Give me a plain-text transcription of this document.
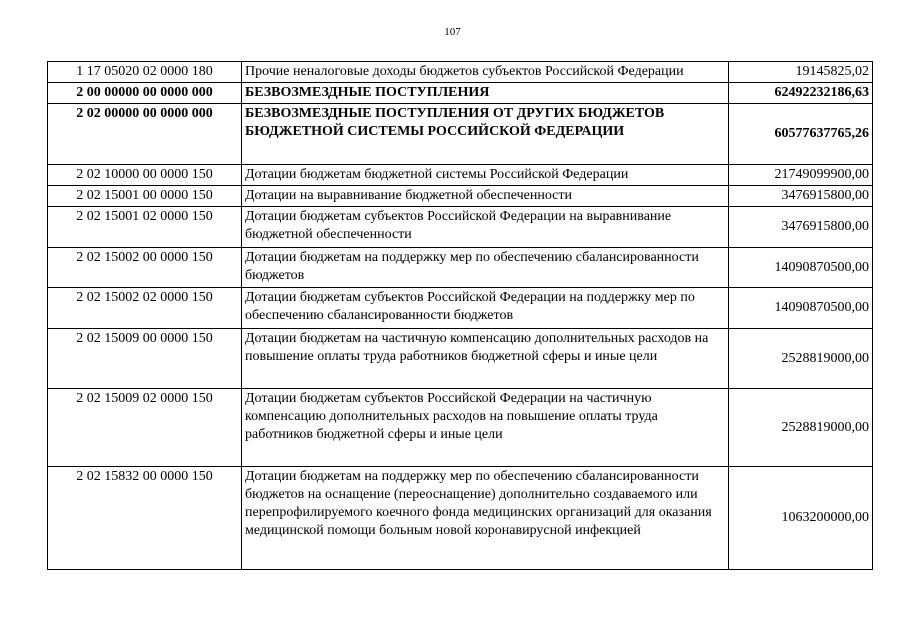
107
1 17 05020 02 0000 180	Прочие неналоговые доходы бюджетов субъектов Российской Федерации	19145825,02
2 00 00000 00 0000 000	БЕЗВОЗМЕЗДНЫЕ ПОСТУПЛЕНИЯ	62492232186,63
2 02 00000 00 0000 000	БЕЗВОЗМЕЗДНЫЕ ПОСТУПЛЕНИЯ ОТ ДРУГИХ БЮДЖЕТОВ БЮДЖЕТНОЙ СИСТЕМЫ РОССИЙСКОЙ ФЕДЕРАЦИИ	60577637765,26
2 02 10000 00 0000 150	Дотации бюджетам бюджетной системы Российской Федерации	21749099900,00
2 02 15001 00 0000 150	Дотации на выравнивание бюджетной обеспеченности	3476915800,00
2 02 15001 02 0000 150	Дотации бюджетам субъектов Российской Федерации на выравнивание бюджетной обеспеченности	3476915800,00
2 02 15002 00 0000 150	Дотации бюджетам на поддержку мер по обеспечению сбалансированности бюджетов	14090870500,00
2 02 15002 02 0000 150	Дотации бюджетам субъектов Российской Федерации на поддержку мер по обеспечению сбалансированности бюджетов	14090870500,00
2 02 15009 00 0000 150	Дотации бюджетам на частичную компенсацию дополнительных расходов на повышение оплаты труда работников бюджетной сферы и иные цели	2528819000,00
2 02 15009 02 0000 150	Дотации бюджетам субъектов Российской Федерации на частичную компенсацию дополнительных расходов на повышение оплаты труда работников бюджетной сферы и иные цели	2528819000,00
2 02 15832 00 0000 150	Дотации бюджетам на поддержку мер по обеспечению сбалансированности бюджетов на оснащение (переоснащение) дополнительно создаваемого или перепрофилируемого коечного фонда медицинских организаций для оказания медицинской помощи больным новой коронавирусной инфекцией	1063200000,00
